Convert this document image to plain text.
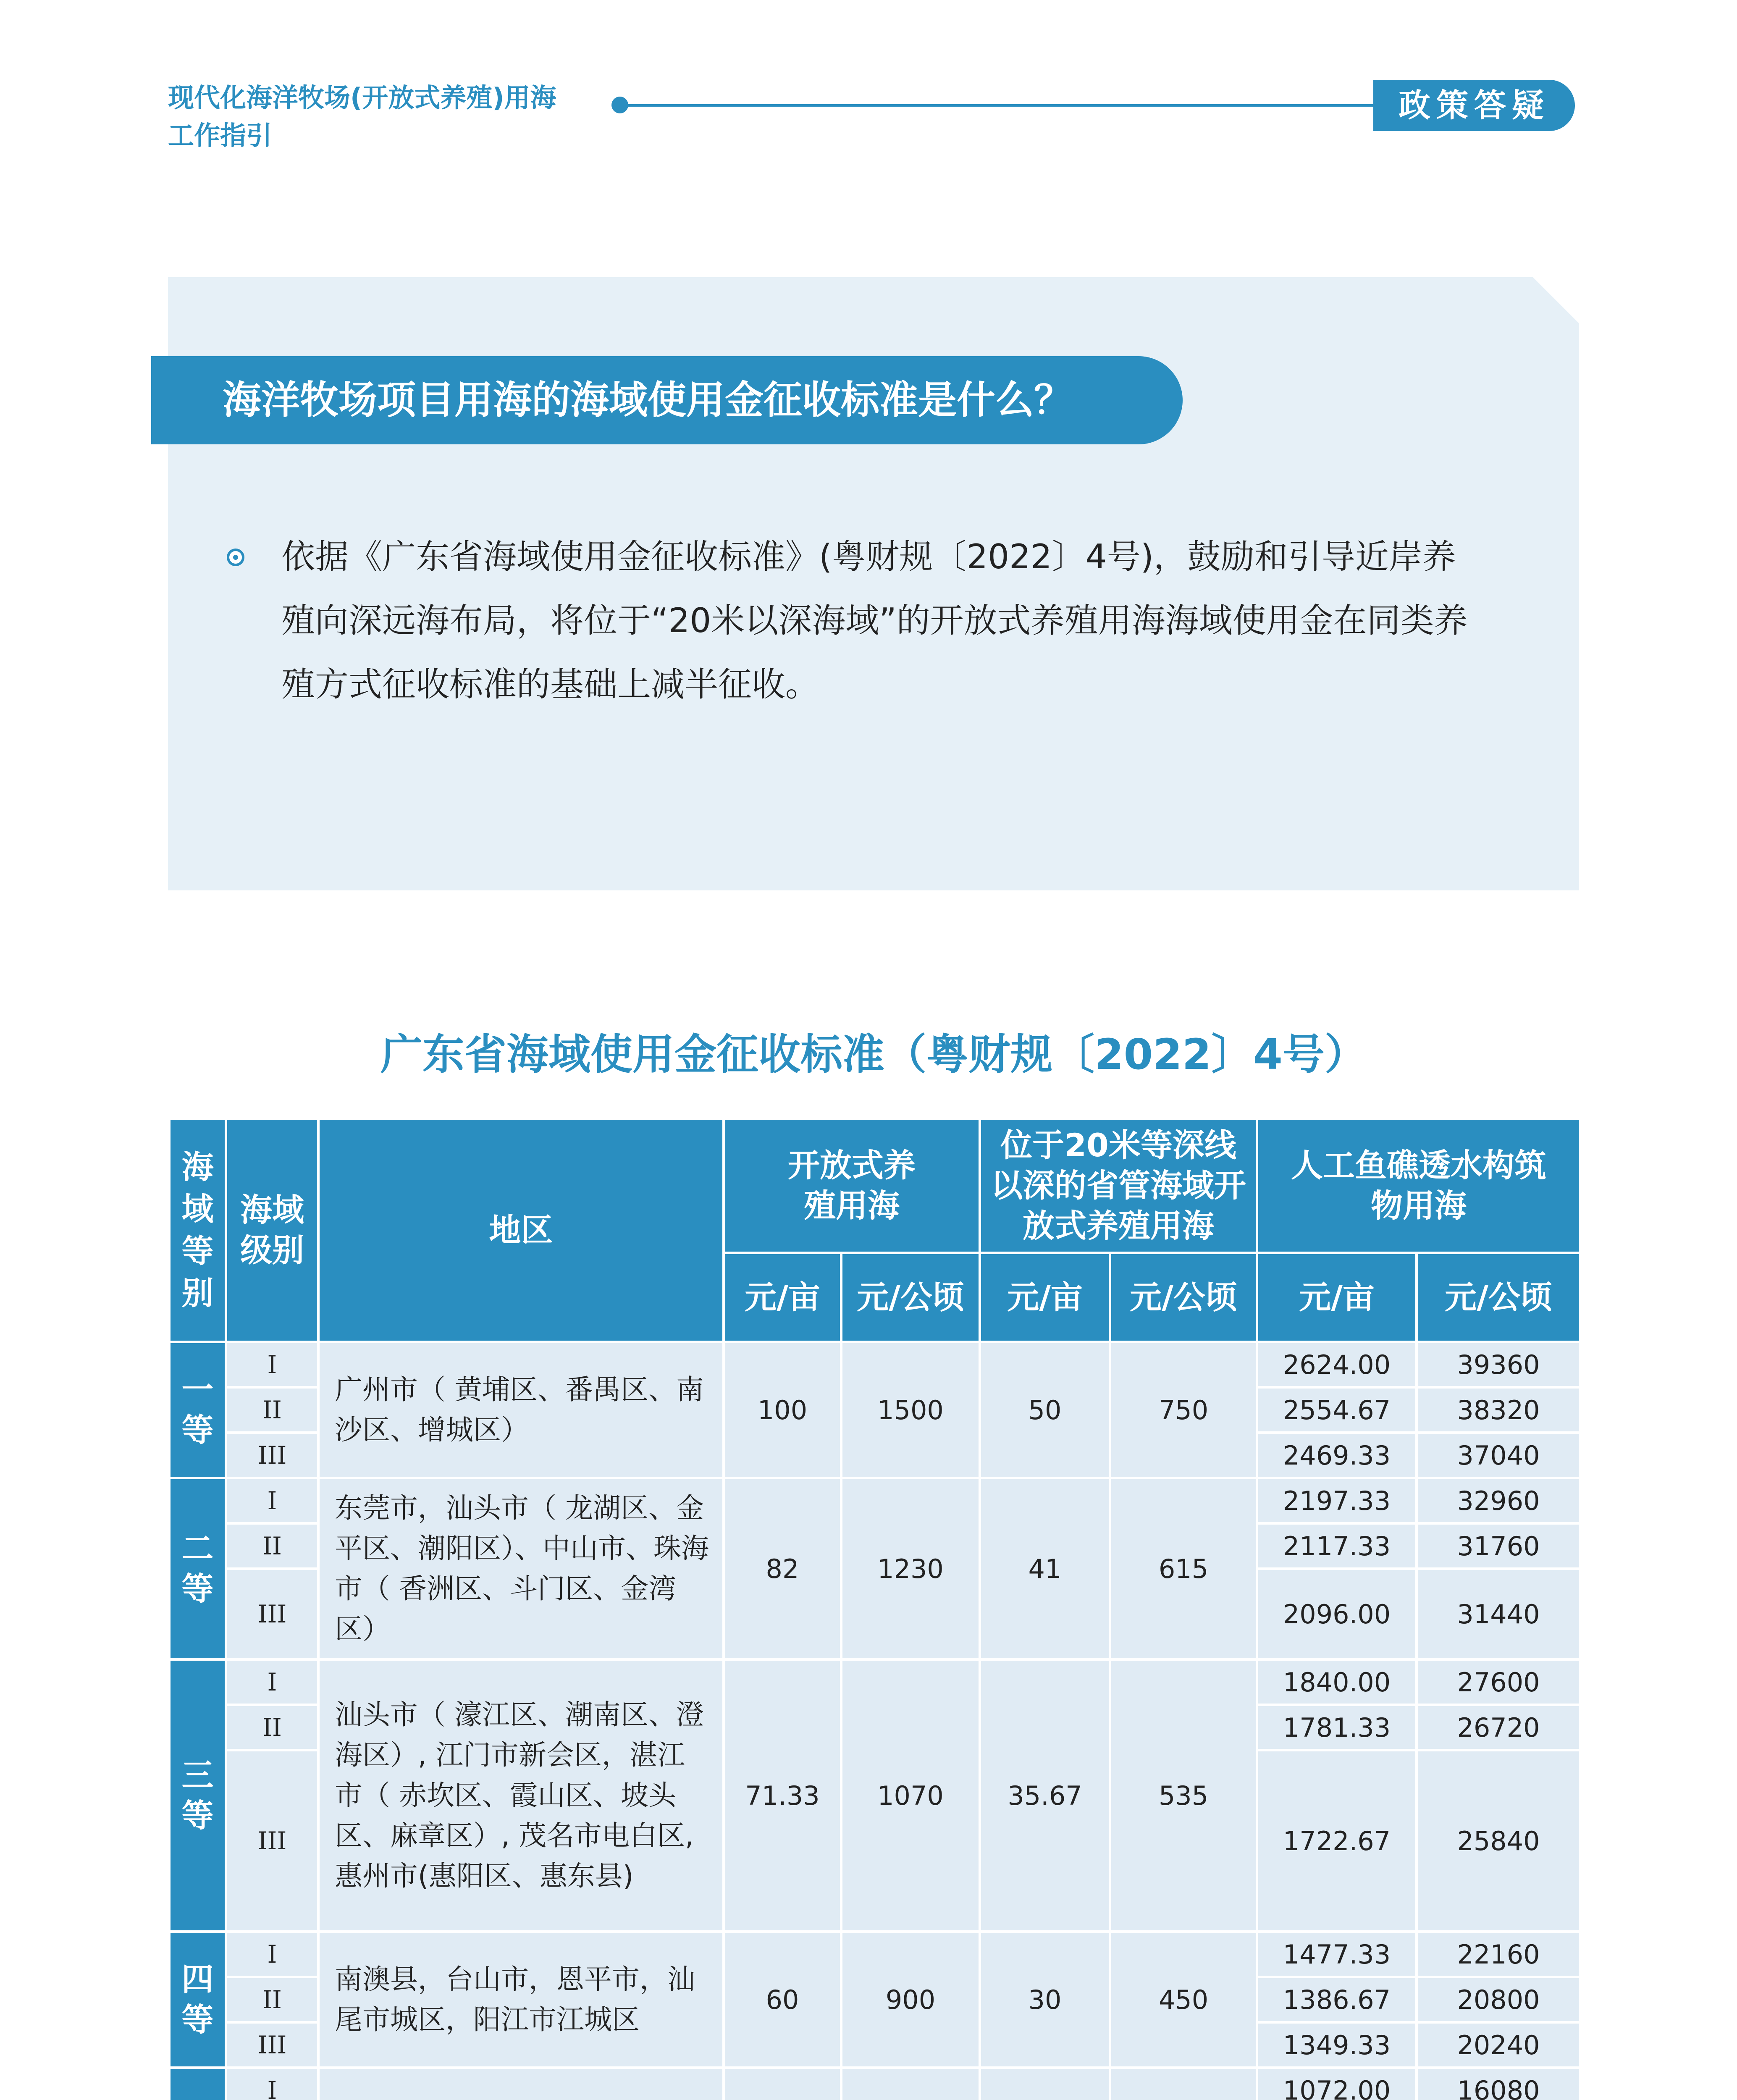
现代化海洋牧场(开放式养殖)用海
工作指引
政策答疑
海洋牧场项目用海的海域使用金征收标准是什么？
依据《广东省海域使用金征收标准》(粤财规〔2022〕4号)，鼓励和引导近岸养殖向深远海布局，将位于“20米以深海域”的开放式养殖用海海域使用金在同类养殖方式征收标准的基础上减半征收。
广东省海域使用金征收标准（粤财规〔2022〕4号）
海域等别	海域级别	地区	开放式养殖用海		位于20米等深线以深的省管海域开放式养殖用海		人工鱼礁透水构筑物用海	

			元/亩	元/公顷	元/亩	元/公顷	元/亩	元/公顷

一等	I	广州市（ 黄埔区、番禺区、南沙区、增城区）	100	1500	50	750	2624.00	39360
	II						2554.67	38320
	III						2469.33	37040

二等	I	东莞市，汕头市（ 龙湖区、金平区、潮阳区）、中山市、珠海市（ 香洲区、斗门区、金湾区）	82	1230	41	615	2197.33	32960
	II						2117.33	31760
	III						2096.00	31440

三等	I	汕头市（ 濠江区、潮南区、澄海区）, 江门市新会区，湛江市（ 赤坎区、霞山区、坡头区、麻章区）, 茂名市电白区, 惠州市(惠阳区、惠东县)	71.33	1070	35.67	535	1840.00	27600
	II						1781.33	26720
	III						1722.67	25840

四等	I	南澳县，台山市，恩平市，汕尾市城区，阳江市江城区	60	900	30	450	1477.33	22160
	II						1386.67	20800
	III						1349.33	20240

	I						1072.00	16080
